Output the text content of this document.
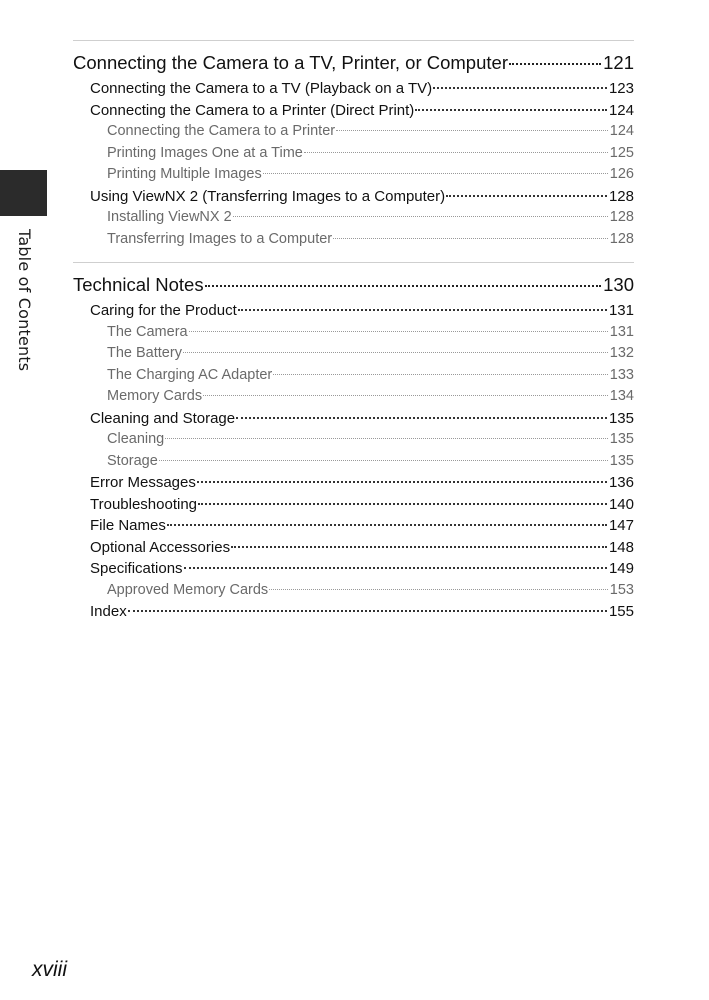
Table of Contents
Connecting the Camera to a TV, Printer, or Computer	121
Connecting the Camera to a TV (Playback on a TV)	123
Connecting the Camera to a Printer (Direct Print)	124
Connecting the Camera to a Printer	124
Printing Images One at a Time	125
Printing Multiple Images	126
Using ViewNX 2 (Transferring Images to a Computer)	128
Installing ViewNX 2	128
Transferring Images to a Computer	128
Technical Notes	130
Caring for the Product	131
The Camera	131
The Battery	132
The Charging AC Adapter	133
Memory Cards	134
Cleaning and Storage	135
Cleaning	135
Storage	135
Error Messages	136
Troubleshooting	140
File Names	147
Optional Accessories	148
Specifications	149
Approved Memory Cards	153
Index	155
xviii
